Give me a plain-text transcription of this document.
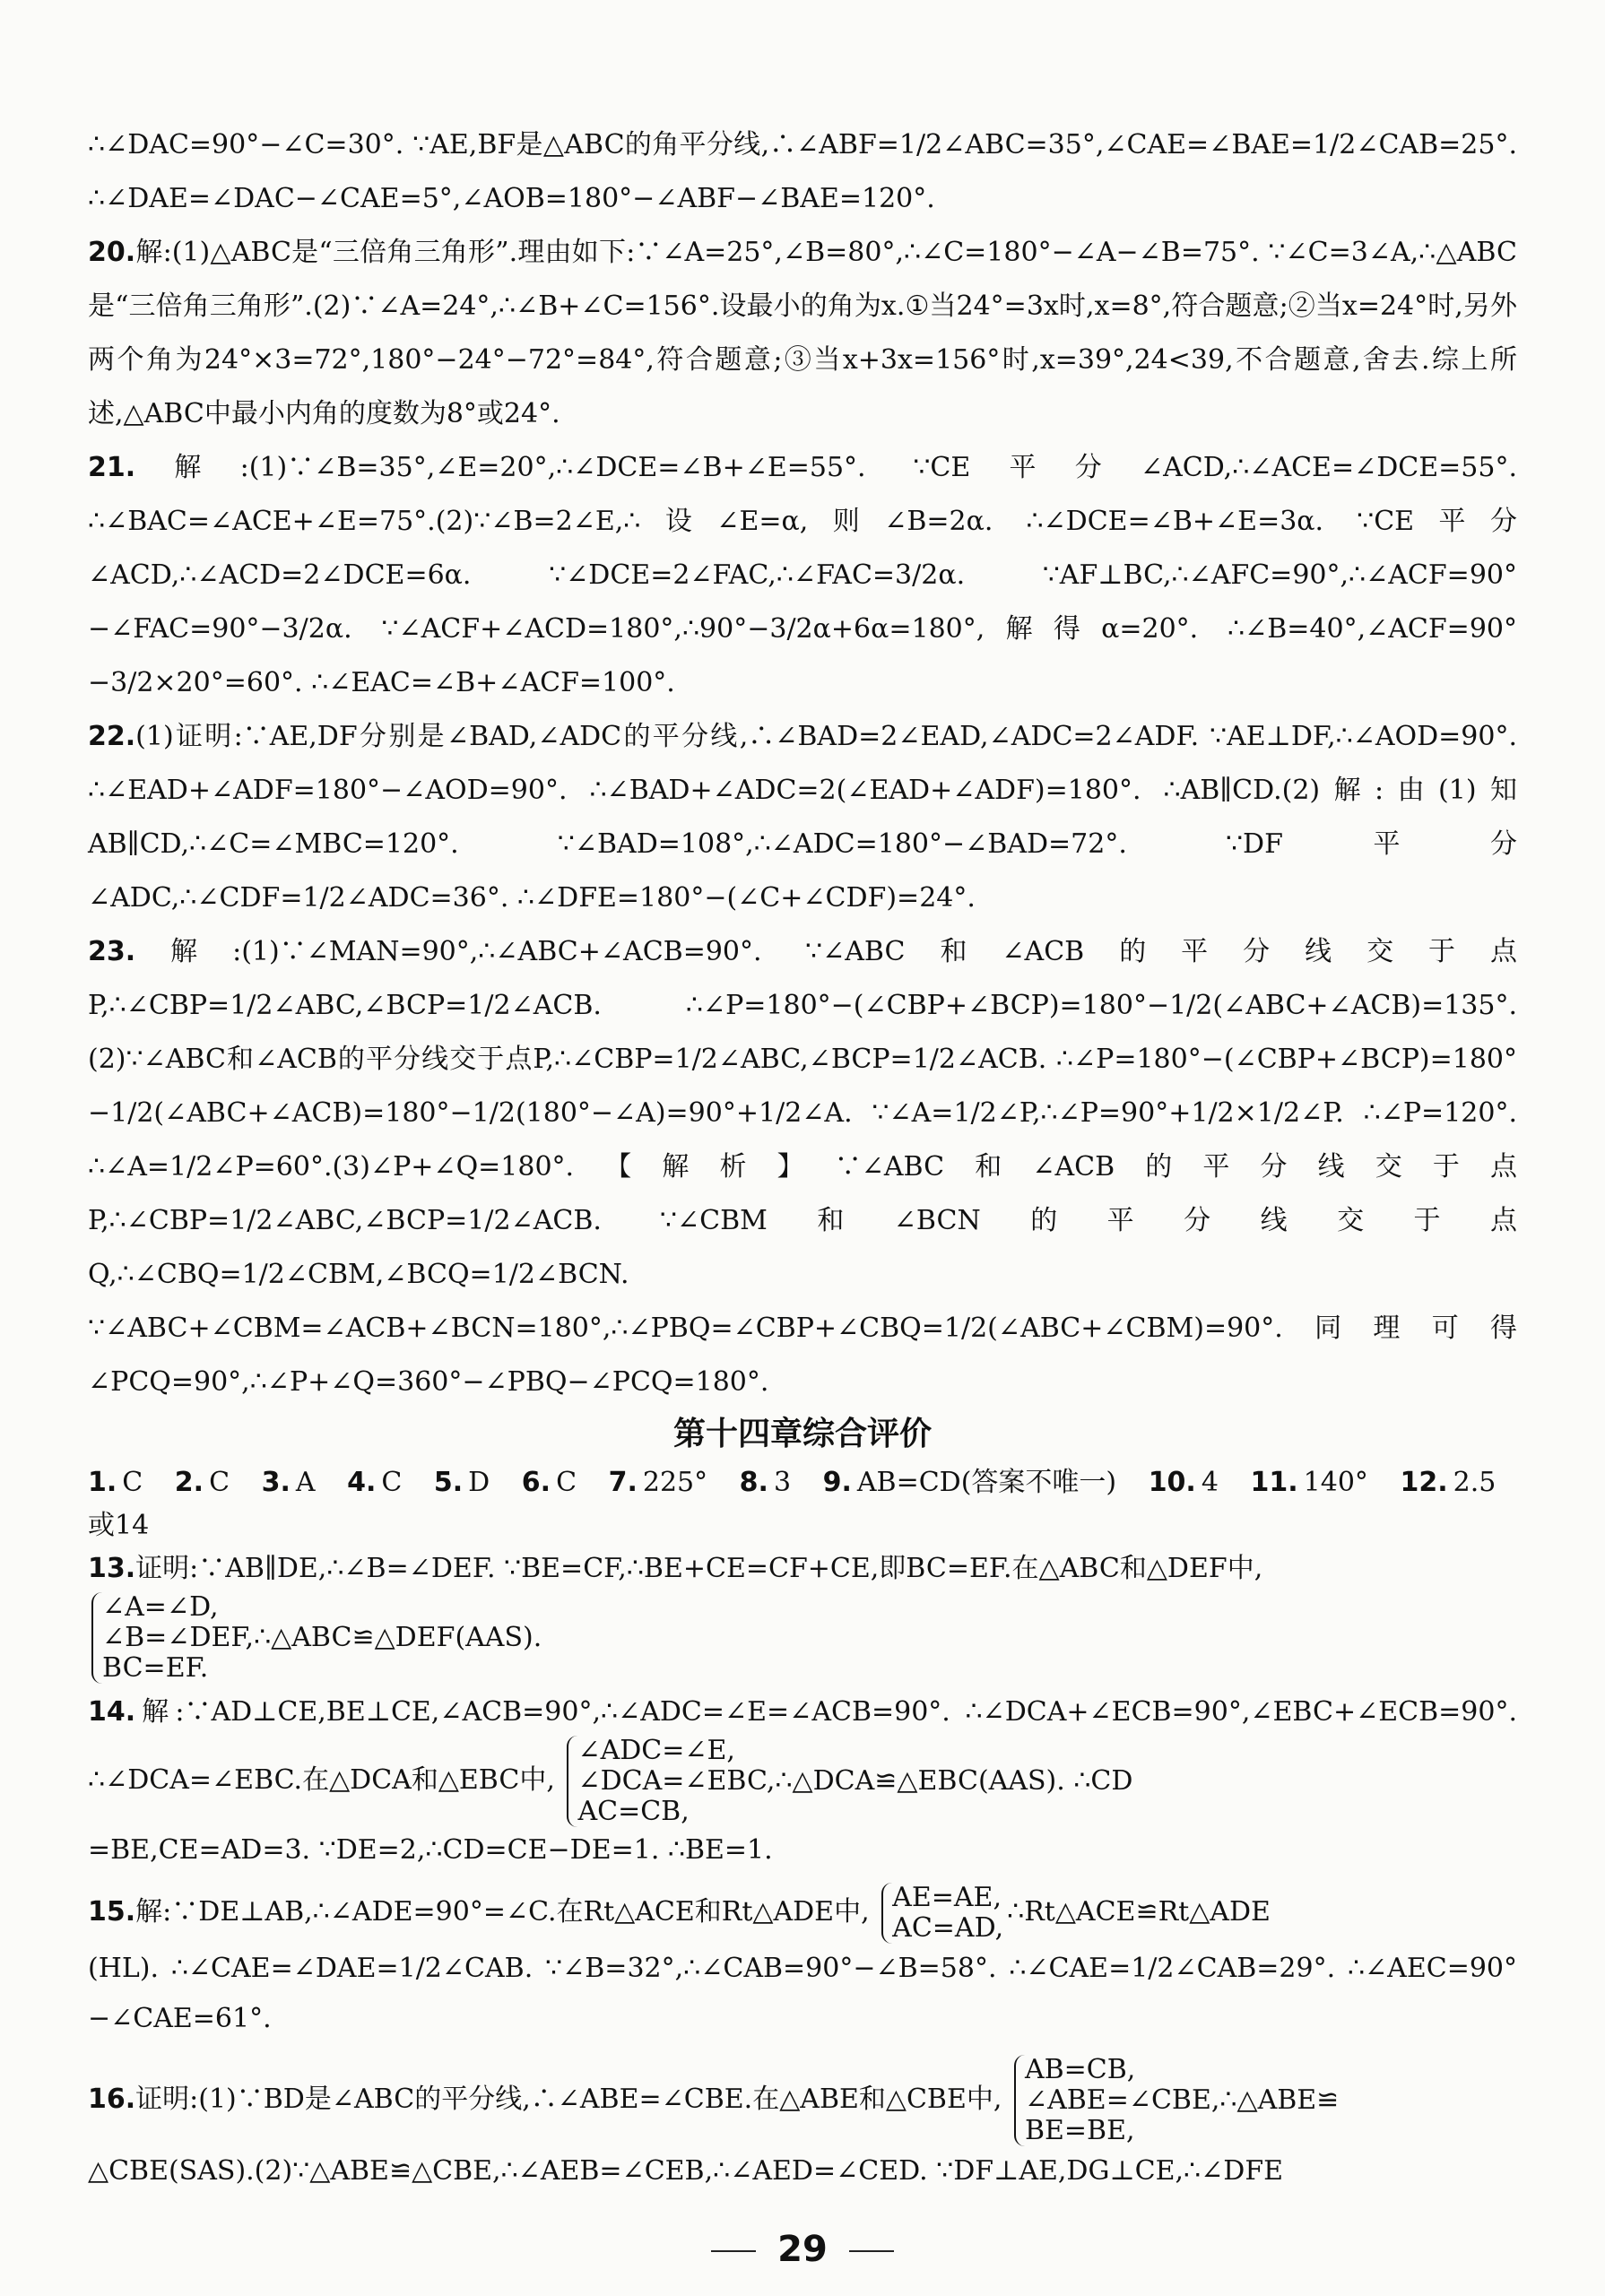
∴∠DAC=90°−∠C=30°. ∵AE,BF是△ABC的角平分线,∴∠ABF=1/2∠ABC=35°,∠CAE=∠BAE=1/2∠CAB=25°. ∴∠DAE=∠DAC−∠CAE=5°,∠AOB=180°−∠ABF−∠BAE=120°.

20.解:(1)△ABC是“三倍角三角形”.理由如下:∵∠A=25°,∠B=80°,∴∠C=180°−∠A−∠B=75°. ∵∠C=3∠A,∴△ABC是“三倍角三角形”.(2)∵∠A=24°,∴∠B+∠C=156°.设最小的角为x.①当24°=3x时,x=8°,符合题意;②当x=24°时,另外两个角为24°×3=72°,180°−24°−72°=84°,符合题意;③当x+3x=156°时,x=39°,24<39,不合题意,舍去.综上所述,△ABC中最小内角的度数为8°或24°.

21.解:(1)∵∠B=35°,∠E=20°,∴∠DCE=∠B+∠E=55°. ∵CE平分∠ACD,∴∠ACE=∠DCE=55°. ∴∠BAC=∠ACE+∠E=75°.(2)∵∠B=2∠E,∴设∠E=α,则∠B=2α. ∴∠DCE=∠B+∠E=3α. ∵CE平分∠ACD,∴∠ACD=2∠DCE=6α. ∵∠DCE=2∠FAC,∴∠FAC=3/2α. ∵AF⊥BC,∴∠AFC=90°,∴∠ACF=90°−∠FAC=90°−3/2α. ∵∠ACF+∠ACD=180°,∴90°−3/2α+6α=180°,解得α=20°. ∴∠B=40°,∠ACF=90°−3/2×20°=60°. ∴∠EAC=∠B+∠ACF=100°.

22.(1)证明:∵AE,DF分别是∠BAD,∠ADC的平分线,∴∠BAD=2∠EAD,∠ADC=2∠ADF. ∵AE⊥DF,∴∠AOD=90°. ∴∠EAD+∠ADF=180°−∠AOD=90°. ∴∠BAD+∠ADC=2(∠EAD+∠ADF)=180°. ∴AB∥CD.(2)解:由(1)知AB∥CD,∴∠C=∠MBC=120°. ∵∠BAD=108°,∴∠ADC=180°−∠BAD=72°. ∵DF平分∠ADC,∴∠CDF=1/2∠ADC=36°. ∴∠DFE=180°−(∠C+∠CDF)=24°.

23.解:(1)∵∠MAN=90°,∴∠ABC+∠ACB=90°. ∵∠ABC和∠ACB的平分线交于点P,∴∠CBP=1/2∠ABC,∠BCP=1/2∠ACB. ∴∠P=180°−(∠CBP+∠BCP)=180°−1/2(∠ABC+∠ACB)=135°.(2)∵∠ABC和∠ACB的平分线交于点P,∴∠CBP=1/2∠ABC,∠BCP=1/2∠ACB. ∴∠P=180°−(∠CBP+∠BCP)=180°−1/2(∠ABC+∠ACB)=180°−1/2(180°−∠A)=90°+1/2∠A. ∵∠A=1/2∠P,∴∠P=90°+1/2×1/2∠P. ∴∠P=120°. ∴∠A=1/2∠P=60°.(3)∠P+∠Q=180°.【解析】∵∠ABC和∠ACB的平分线交于点P,∴∠CBP=1/2∠ABC,∠BCP=1/2∠ACB. ∵∠CBM和∠BCN的平分线交于点Q,∴∠CBQ=1/2∠CBM,∠BCQ=1/2∠BCN. ∵∠ABC+∠CBM=∠ACB+∠BCN=180°,∴∠PBQ=∠CBP+∠CBQ=1/2(∠ABC+∠CBM)=90°.同理可得∠PCQ=90°,∴∠P+∠Q=360°−∠PBQ−∠PCQ=180°.

第十四章综合评价
1. C 2. C 3. A 4. C 5. D 6. C 7. 225° 8. 3 9. AB=CD(答案不唯一) 10. 4 11. 140° 12. 2.5或14
13.证明:∵AB∥DE,∴∠B=∠DEF. ∵BE=CF,∴BE+CE=CF+CE,即BC=EF.在△ABC和△DEF中,
∠A=∠D,
∠B=∠DEF,∴△ABC≌△DEF(AAS).
BC=EF.
14.解:∵AD⊥CE,BE⊥CE,∠ACB=90°,∴∠ADC=∠E=∠ACB=90°. ∴∠DCA+∠ECB=90°,∠EBC+∠ECB=90°. ∴∠DCA=∠EBC.在△DCA和△EBC中,
∠ADC=∠E,
∠DCA=∠EBC,∴△DCA≌△EBC(AAS). ∴CD
AC=CB,
=BE,CE=AD=3. ∵DE=2,∴CD=CE−DE=1. ∴BE=1.
15.解:∵DE⊥AB,∴∠ADE=90°=∠C.在Rt△ACE和Rt△ADE中, AE=AE,
AC=AD,
∴Rt△ACE≌Rt△ADE
(HL). ∴∠CAE=∠DAE=1/2∠CAB. ∵∠B=32°,∴∠CAB=90°−∠B=58°. ∴∠CAE=1/2∠CAB=29°. ∴∠AEC=90°−∠CAE=61°.
16.证明:(1)∵BD是∠ABC的平分线,∴∠ABE=∠CBE.在△ABE和△CBE中,
AB=CB,
∠ABE=∠CBE,∴△ABE≌
BE=BE,
△CBE(SAS).(2)∵△ABE≌△CBE,∴∠AEB=∠CEB,∴∠AED=∠CED. ∵DF⊥AE,DG⊥CE,∴∠DFE
29
